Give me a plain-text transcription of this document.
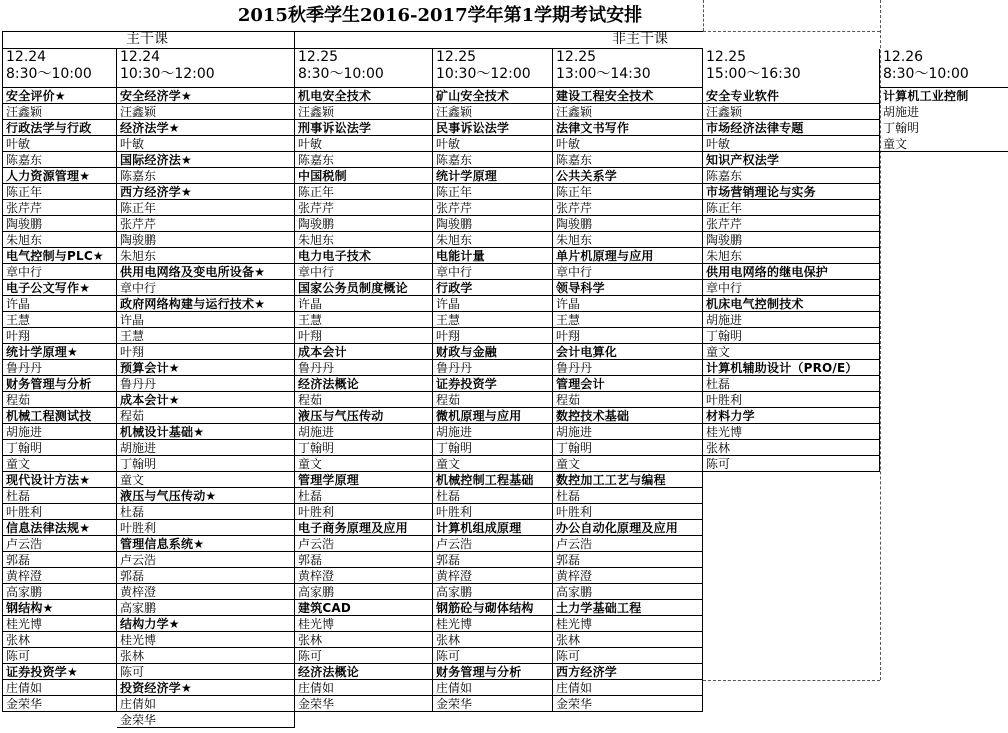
2015秋季学生2016-2017学年第1学期考试安排
主干课	非主干课
12.24
8:30～10:00
12.24
10:30～12:00
12.25
8:30～10:00
12.25
10:30～12:00
12.25
13:00～14:30
12.25
15:00～16:30
12.26
8:30～10:00
安全评价★
汪鑫颖
行政法学与行政
叶敏
陈嘉东
人力资源管理★
陈正年
张芹芹
陶骏鹏
朱旭东
电气控制与PLC★
章中行
电子公文写作★
许晶
王慧
叶翔
统计学原理★
鲁丹丹
财务管理与分析
程茹
机械工程测试技
胡施进
丁翰明
童文
现代设计方法★
杜磊
叶胜利
信息法律法规★
卢云浩
郭磊
黄梓澄
高家鹏
钢结构★
桂光博
张林
陈可
证券投资学★
庄倩如
金荣华
安全经济学★
汪鑫颖
经济法学★
叶敏
国际经济法★
陈嘉东
西方经济学★
陈正年
张芹芹
陶骏鹏
朱旭东
供用电网络及变电所设备★
章中行
政府网络构建与运行技术★
许晶
王慧
叶翔
预算会计★
鲁丹丹
成本会计★
程茹
机械设计基础★
胡施进
丁翰明
童文
液压与气压传动★
杜磊
叶胜利
管理信息系统★
卢云浩
郭磊
黄梓澄
高家鹏
结构力学★
桂光博
张林
陈可
投资经济学★
庄倩如
金荣华
机电安全技术
汪鑫颖
刑事诉讼法学
叶敏
陈嘉东
中国税制
陈正年
张芹芹
陶骏鹏
朱旭东
电力电子技术
章中行
国家公务员制度概论
许晶
王慧
叶翔
成本会计
鲁丹丹
经济法概论
程茹
液压与气压传动
胡施进
丁翰明
童文
管理学原理
杜磊
叶胜利
电子商务原理及应用
卢云浩
郭磊
黄梓澄
高家鹏
建筑CAD
桂光博
张林
陈可
经济法概论
庄倩如
金荣华
矿山安全技术
汪鑫颖
民事诉讼法学
叶敏
陈嘉东
统计学原理
陈正年
张芹芹
陶骏鹏
朱旭东
电能计量
章中行
行政学
许晶
王慧
叶翔
财政与金融
鲁丹丹
证券投资学
程茹
微机原理与应用
胡施进
丁翰明
童文
机械控制工程基础
杜磊
叶胜利
计算机组成原理
卢云浩
郭磊
黄梓澄
高家鹏
钢筋砼与砌体结构
桂光博
张林
陈可
财务管理与分析
庄倩如
金荣华
建设工程安全技术
汪鑫颖
法律文书写作
叶敏
陈嘉东
公共关系学
陈正年
张芹芹
陶骏鹏
朱旭东
单片机原理与应用
章中行
领导科学
许晶
王慧
叶翔
会计电算化
鲁丹丹
管理会计
程茹
数控技术基础
胡施进
丁翰明
童文
数控加工工艺与编程
杜磊
叶胜利
办公自动化原理及应用
卢云浩
郭磊
黄梓澄
高家鹏
土力学基础工程
桂光博
张林
陈可
西方经济学
庄倩如
金荣华
安全专业软件
汪鑫颖
市场经济法律专题
叶敏
知识产权法学
陈嘉东
市场营销理论与实务
陈正年
张芹芹
陶骏鹏
朱旭东
供用电网络的继电保护
章中行
机床电气控制技术
胡施进
丁翰明
童文
计算机辅助设计（PRO/E）
杜磊
叶胜利
材料力学
桂光博
张林
陈可
计算机工业控制
胡施进
丁翰明
童文
